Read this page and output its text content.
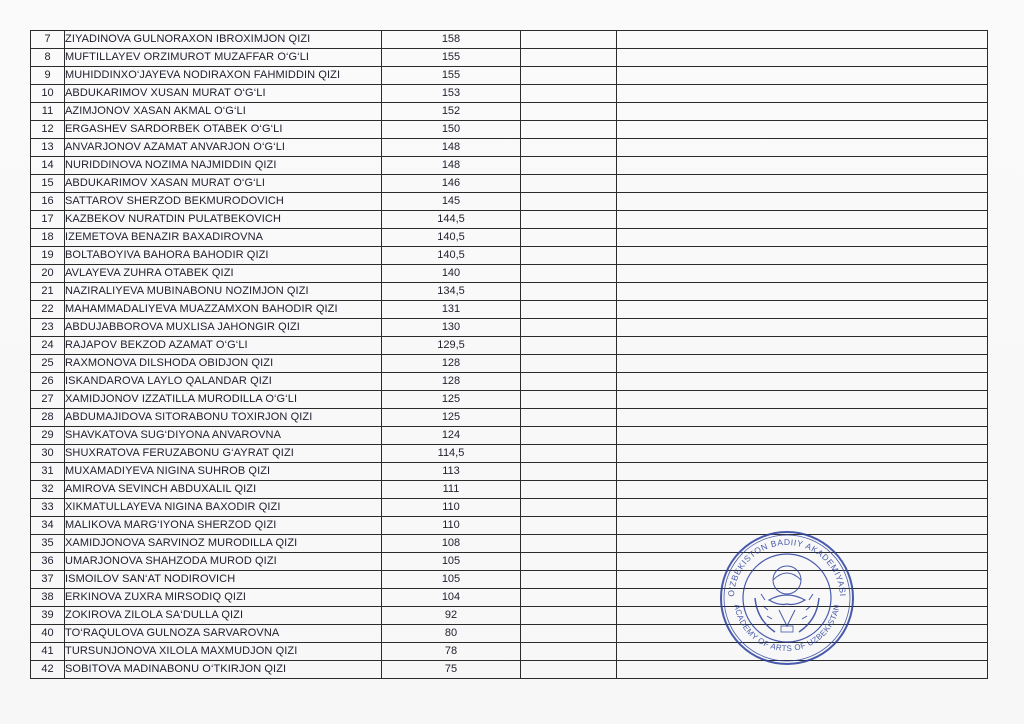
7	ZIYADINOVA GULNORAXON IBROXIMJON QIZI	158		
8	MUFTILLAYEV ORZIMUROT MUZAFFAR O‘G‘LI	155		
9	MUHIDDINXO‘JAYEVA NODIRAXON FAHMIDDIN QIZI	155		
10	ABDUKARIMOV XUSAN MURAT O‘G‘LI	153		
11	AZIMJONOV XASAN AKMAL O‘G‘LI	152		
12	ERGASHEV SARDORBEK OTABEK O‘G‘LI	150		
13	ANVARJONOV AZAMAT ANVARJON O‘G‘LI	148		
14	NURIDDINOVA NOZIMA NAJMIDDIN QIZI	148		
15	ABDUKARIMOV XASAN MURAT O‘G‘LI	146		
16	SATTAROV SHERZOD BEKMURODOVICH	145		
17	KAZBEKOV NURATDIN PULATBEKOVICH	144,5		
18	IZEMETOVA BENAZIR BAXADIROVNA	140,5		
19	BOLTABOYIVA BAHORA BAHODIR QIZI	140,5		
20	AVLAYEVA ZUHRA OTABEK QIZI	140		
21	NAZIRALIYEVA MUBINABONU NOZIMJON QIZI	134,5		
22	MAHAMMADALIYEVA MUAZZAMXON BAHODIR QIZI	131		
23	ABDUJABBOROVA MUXLISA JAHONGIR QIZI	130		
24	RAJAPOV BEKZOD AZAMAT O‘G‘LI	129,5		
25	RAXMONOVA DILSHODA OBIDJON QIZI	128		
26	ISKANDAROVA LAYLO QALANDAR QIZI	128		
27	XAMIDJONOV IZZATILLA MURODILLA O‘G‘LI	125		
28	ABDUMAJIDOVA SITORABONU TOXIRJON QIZI	125		
29	SHAVKATOVA SUG‘DIYONA ANVAROVNA	124		
30	SHUXRATOVA FERUZABONU G‘AYRAT QIZI	114,5		
31	MUXAMADIYEVA NIGINA SUHROB QIZI	113		
32	AMIROVA SEVINCH ABDUXALIL QIZI	111		
33	XIKMATULLAYEVA NIGINA BAXODIR QIZI	110		
34	MALIKOVA MARG‘IYONA SHERZOD QIZI	110		
35	XAMIDJONOVA SARVINOZ MURODILLA QIZI	108		
36	UMARJONOVA SHAHZODA MUROD QIZI	105		
37	ISMOILOV SAN‘AT NODIROVICH	105		
38	ERKINOVA ZUXRA MIRSODIQ QIZI	104		
39	ZOKIROVA ZILOLA SA‘DULLA QIZI	92		
40	TO‘RAQULOVA GULNOZA SARVAROVNA	80		
41	TURSUNJONOVA XILOLA MAXMUDJON QIZI	78		
42	SOBITOVA MADINABONU O‘TKIRJON QIZI	75		
O‘ZBEKISTON BADIIY AKADEMIYASI
ACADEMY OF ARTS OF UZBEKISTAN
